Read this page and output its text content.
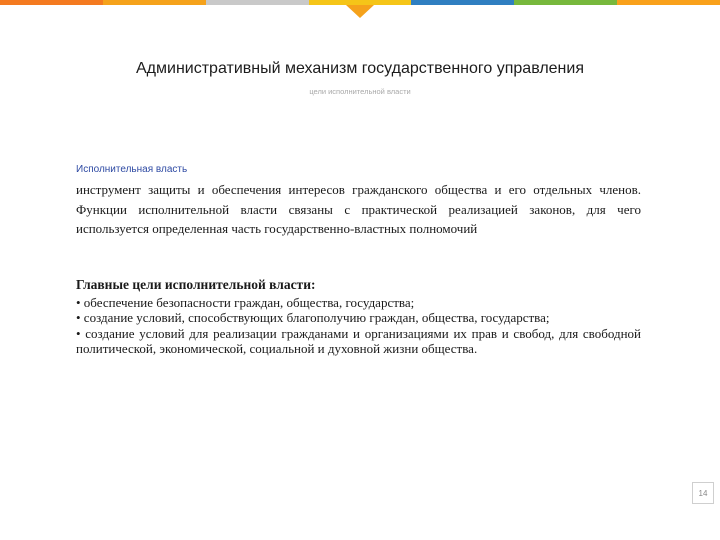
Административный механизм государственного управления
цели исполнительной власти
Исполнительная власть
инструмент защиты и обеспечения интересов гражданского общества и его отдельных членов. Функции исполнительной власти связаны с практической реализацией законов, для чего используется определенная часть государственно-властных полномочий
Главные цели исполнительной власти:
• обеспечение безопасности граждан, общества, государства;
• создание условий, способствующих благополучию граждан, общества, государства;
• создание условий для реализации гражданами и организациями их прав и свобод, для свободной политической, экономической, социальной и духовной жизни общества.
14
